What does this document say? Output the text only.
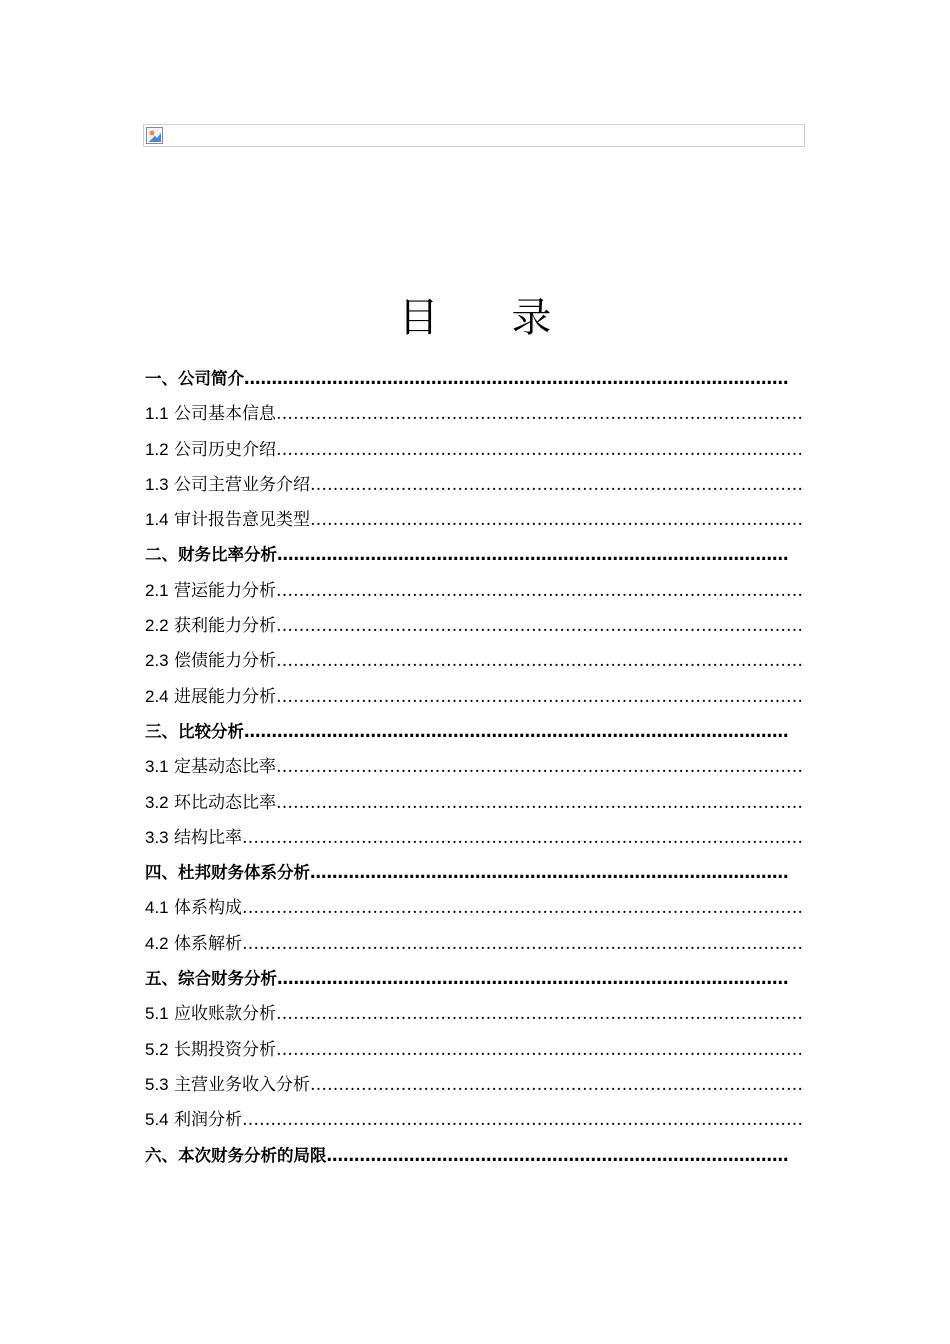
目 录
一、公司简介………………………………………………………………………………………
1.1 公司基本信息…………………………………………………………………………………
1.2 公司历史介绍…………………………………………………………………………………
1.3 公司主营业务介绍……………………………………………………………………………
1.4 审计报告意见类型……………………………………………………………………………
二、财务比率分析…………………………………………………………………………………
2.1 营运能力分析…………………………………………………………………………………
2.2 获利能力分析…………………………………………………………………………………
2.3 偿债能力分析…………………………………………………………………………………
2.4 进展能力分析…………………………………………………………………………………
三、比较分析………………………………………………………………………………………
3.1 定基动态比率…………………………………………………………………………………
3.2 环比动态比率…………………………………………………………………………………
3.3 结构比率………………………………………………………………………………………
四、杜邦财务体系分析……………………………………………………………………………
4.1 体系构成………………………………………………………………………………………
4.2 体系解析………………………………………………………………………………………
五、综合财务分析…………………………………………………………………………………
5.1 应收账款分析…………………………………………………………………………………
5.2 长期投资分析…………………………………………………………………………………
5.3 主营业务收入分析……………………………………………………………………………
5.4 利润分析………………………………………………………………………………………
六、本次财务分析的局限…………………………………………………………………………
